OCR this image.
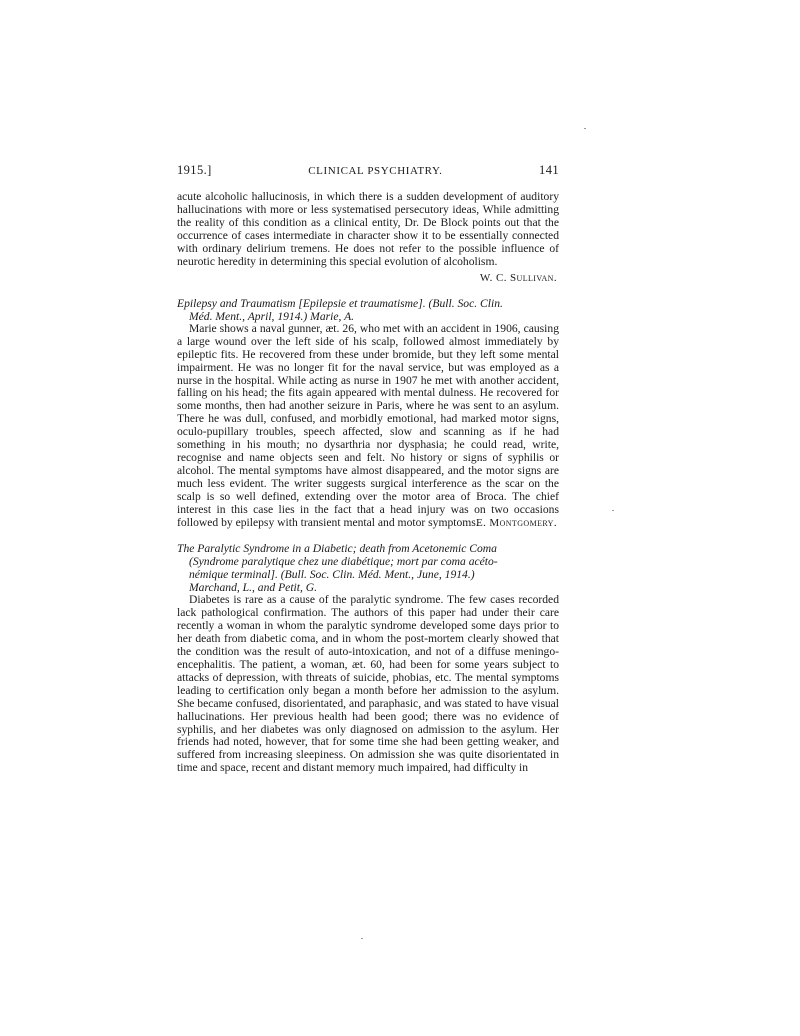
1915.]	CLINICAL PSYCHIATRY.	141

acute alcoholic hallucinosis, in which there is a sudden development of auditory hallucinations with more or less systematised persecutory ideas, While admitting the reality of this condition as a clinical entity, Dr. De Block points out that the occurrence of cases intermediate in character show it to be essentially connected with ordinary delirium tremens. He does not refer to the possible influence of neurotic heredity in determining this special evolution of alcoholism.

W. C. Sullivan.

Epilepsy and Traumatism [Epilepsie et traumatisme]. (Bull. Soc. Clin.
Méd. Ment., April, 1914.) Marie, A.

Marie shows a naval gunner, æt. 26, who met with an accident in 1906, causing a large wound over the left side of his scalp, followed almost immediately by epileptic fits. He recovered from these under bromide, but they left some mental impairment. He was no longer fit for the naval service, but was employed as a nurse in the hospital. While acting as nurse in 1907 he met with another accident, falling on his head; the fits again appeared with mental dulness. He recovered for some months, then had another seizure in Paris, where he was sent to an asylum. There he was dull, confused, and morbidly emotional, had marked motor signs, oculo-pupillary troubles, speech affected, slow and scanning as if he had something in his mouth; no dysarthria nor dysphasia; he could read, write, recognise and name objects seen and felt. No history or signs of syphilis or alcohol. The mental symptoms have almost disappeared, and the motor signs are much less evident. The writer suggests surgical interference as the scar on the scalp is so well defined, extending over the motor area of Broca. The chief interest in this case lies in the fact that a head injury was on two occasions followed by epilepsy with transient mental and motor symptoms.

E. Montgomery.

The Paralytic Syndrome in a Diabetic; death from Acetonemic Coma
(Syndrome paralytique chez une diabétique; mort par coma acéto-
némique terminal]. (Bull. Soc. Clin. Méd. Ment., June, 1914.)
Marchand, L., and Petit, G.

Diabetes is rare as a cause of the paralytic syndrome. The few cases recorded lack pathological confirmation. The authors of this paper had under their care recently a woman in whom the paralytic syndrome developed some days prior to her death from diabetic coma, and in whom the post-mortem clearly showed that the condition was the result of auto-intoxication, and not of a diffuse meningo-encephalitis. The patient, a woman, æt. 60, had been for some years subject to attacks of depression, with threats of suicide, phobias, etc. The mental symptoms leading to certification only began a month before her admission to the asylum. She became confused, disorientated, and paraphasic, and was stated to have visual hallucinations. Her previous health had been good; there was no evidence of syphilis, and her diabetes was only diagnosed on admission to the asylum. Her friends had noted, however, that for some time she had been getting weaker, and suffered from increasing sleepiness. On admission she was quite disorientated in time and space, recent and distant memory much impaired, had difficulty in
